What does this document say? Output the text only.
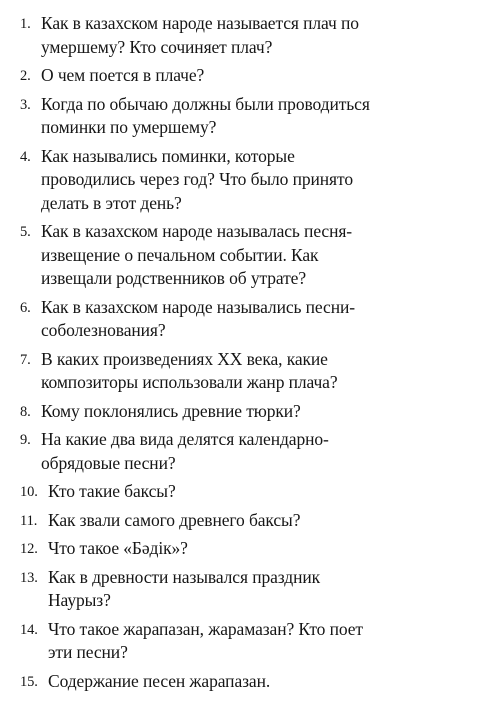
1. Как в казахском народе называется плач по
умершему? Кто сочиняет плач?
2. О чем поется в плаче?
3. Когда по обычаю должны были проводиться
поминки по умершему?
4. Как назывались поминки, которые
проводились через год? Что было принято
делать в этот день?
5. Как в казахском народе называлась песня-
извещение о печальном событии. Как
извещали родственников об утрате?
6. Как в казахском народе назывались песни-
соболезнования?
7. В каких произведениях XX века, какие
композиторы использовали жанр плача?
8. Кому поклонялись древние тюрки?
9. На какие два вида делятся календарно-
обрядовые песни?
10. Кто такие баксы?
11. Как звали самого древнего баксы?
12. Что такое «Бәдік»?
13. Как в древности назывался праздник
Наурыз?
14. Что такое жарапазан, жарамазан? Кто поет
эти песни?
15. Содержание песен жарапазан.
